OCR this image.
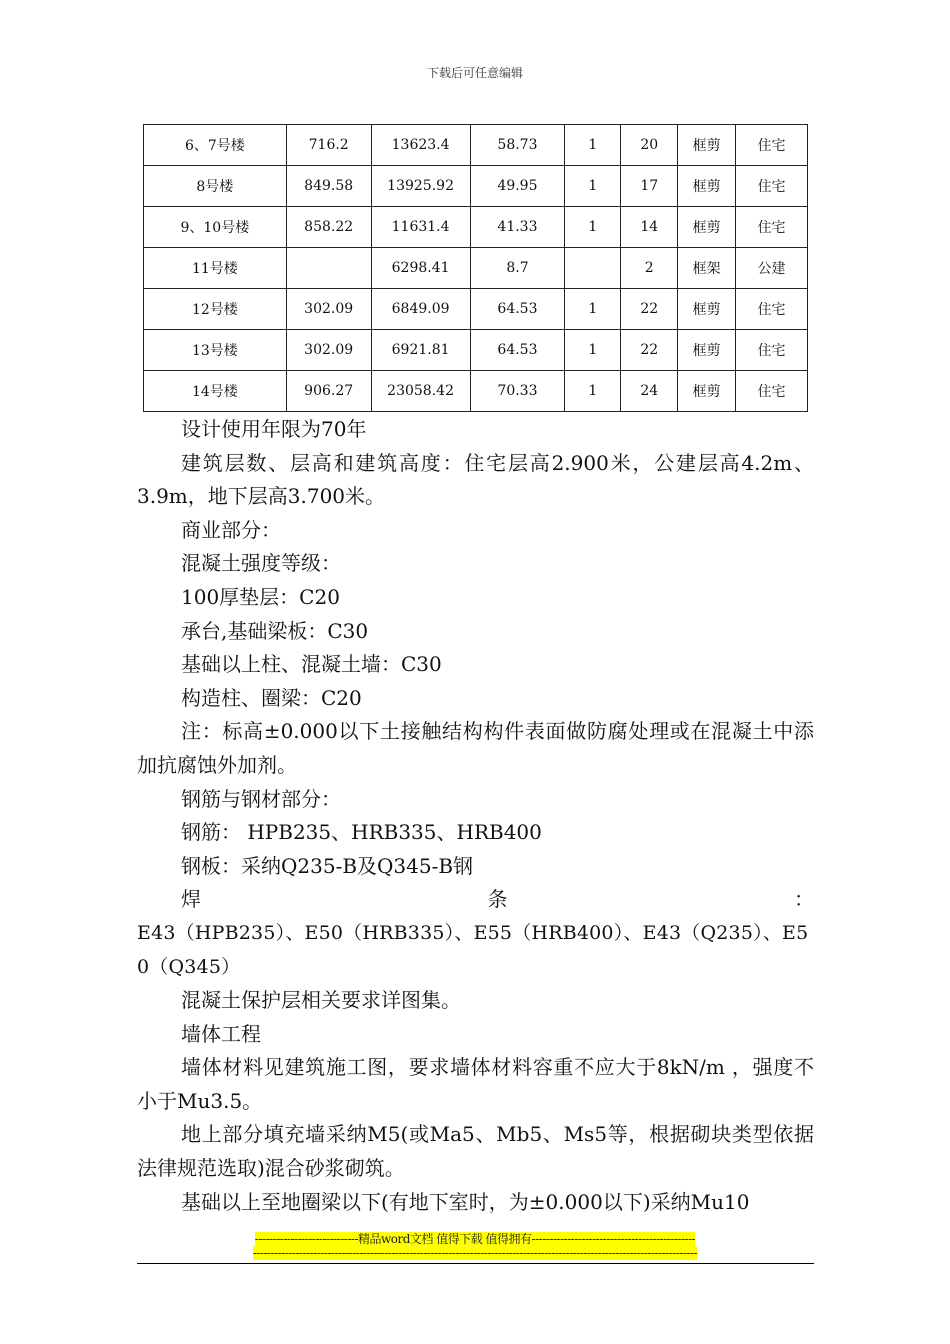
下载后可任意编辑
6、7号楼	716.2	13623.4	58.73	1	20	框剪	住宅
8号楼	849.58	13925.92	49.95	1	17	框剪	住宅
9、10号楼	858.22	11631.4	41.33	1	14	框剪	住宅
11号楼		6298.41	8.7		2	框架	公建
12号楼	302.09	6849.09	64.53	1	22	框剪	住宅
13号楼	302.09	6921.81	64.53	1	22	框剪	住宅
14号楼	906.27	23058.42	70.33	1	24	框剪	住宅

设计使用年限为70年

建筑层数、层高和建筑高度：住宅层高2.900米，公建层高4.2m、3.9m，地下层高3.700米。

商业部分：

混凝土强度等级：

100厚垫层：C20

承台,基础梁板：C30

基础以上柱、混凝土墙：C30

构造柱、圈梁：C20

注：标高±0.000以下土接触结构构件表面做防腐处理或在混凝土中添加抗腐蚀外加剂。

钢筋与钢材部分：

钢筋： HPB235、HRB335、HRB400

钢板：采纳Q235-B及Q345-B钢

焊	条	：

E43（HPB235）、E50（HRB335）、E55（HRB400）、E43（Q235）、E50（Q345）

混凝土保护层相关要求详图集。

墙体工程

墙体材料见建筑施工图，要求墙体材料容重不应大于8kN/m ，强度不小于Mu3.5。

地上部分填充墙采纳M5(或Ma5、Mb5、Ms5等，根据砌块类型依据法律规范选取)混合砂浆砌筑。

基础以上至地圈梁以下(有地下室时，为±0.000以下)采纳Mu10

-----------------------------精品word文档 值得下载 值得拥有----------------------------------------------
-----------------------------------------------------------------------------------------------------------------------------
